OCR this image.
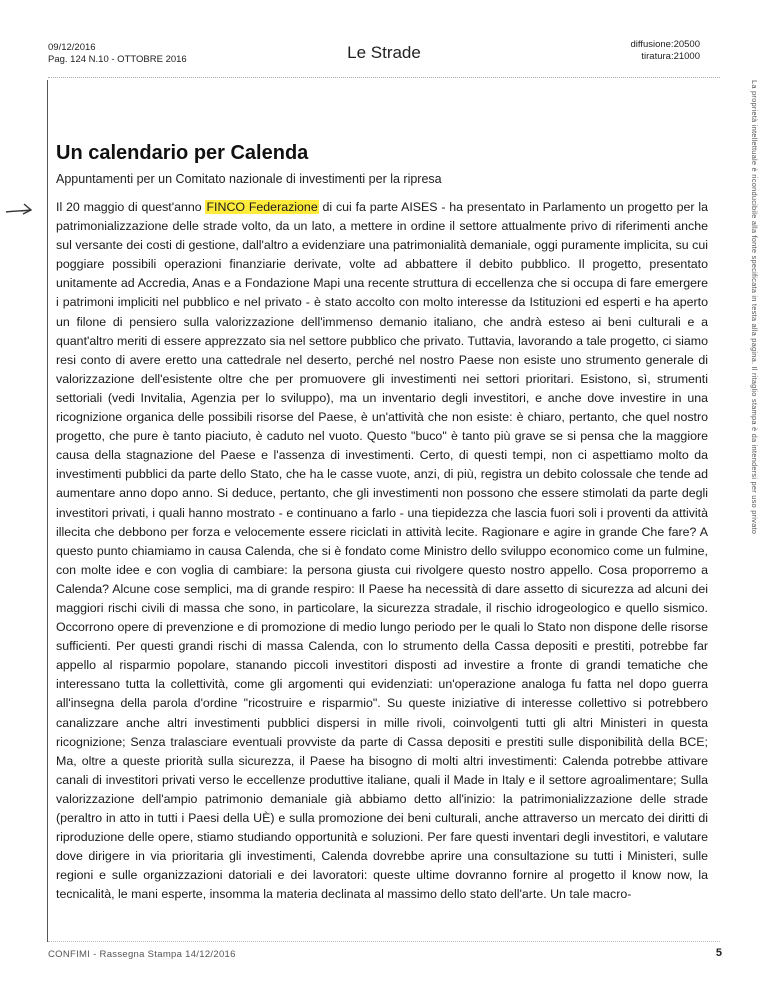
09/12/2016
Pag. 124 N.10 - OTTOBRE 2016	Le Strade	diffusione:20500
tiratura:21000
La proprietà intellettuale è riconducibile alla fonte specificata in testa alla pagina. Il ritaglio stampa è da intendersi per uso privato
Un calendario per Calenda
Appuntamenti per un Comitato nazionale di investimenti per la ripresa
Il 20 maggio di quest'anno FINCO Federazione di cui fa parte AISES - ha presentato in Parlamento un progetto per la patrimonializzazione delle strade volto, da un lato, a mettere in ordine il settore attualmente privo di riferimenti anche sul versante dei costi di gestione, dall'altro a evidenziare una patrimonialità demaniale, oggi puramente implicita, su cui poggiare possibili operazioni finanziarie derivate, volte ad abbattere il debito pubblico. Il progetto, presentato unitamente ad Accredia, Anas e a Fondazione Mapi una recente struttura di eccellenza che si occupa di fare emergere i patrimoni impliciti nel pubblico e nel privato - è stato accolto con molto interesse da Istituzioni ed esperti e ha aperto un filone di pensiero sulla valorizzazione dell'immenso demanio italiano, che andrà esteso ai beni culturali e a quant'altro meriti di essere apprezzato sia nel settore pubblico che privato. Tuttavia, lavorando a tale progetto, ci siamo resi conto di avere eretto una cattedrale nel deserto, perché nel nostro Paese non esiste uno strumento generale di valorizzazione dell'esistente oltre che per promuovere gli investimenti nei settori prioritari. Esistono, sì, strumenti settoriali (vedi Invitalia, Agenzia per lo sviluppo), ma un inventario degli investitori, e anche dove investire in una ricognizione organica delle possibili risorse del Paese, è un'attività che non esiste: è chiaro, pertanto, che quel nostro progetto, che pure è tanto piaciuto, è caduto nel vuoto. Questo "buco" è tanto più grave se si pensa che la maggiore causa della stagnazione del Paese e l'assenza di investimenti. Certo, di questi tempi, non ci aspettiamo molto da investimenti pubblici da parte dello Stato, che ha le casse vuote, anzi, di più, registra un debito colossale che tende ad aumentare anno dopo anno. Si deduce, pertanto, che gli investimenti non possono che essere stimolati da parte degli investitori privati, i quali hanno mostrato - e continuano a farlo - una tiepidezza che lascia fuori soli i proventi da attività illecita che debbono per forza e velocemente essere riciclati in attività lecite. Ragionare e agire in grande Che fare? A questo punto chiamiamo in causa Calenda, che si è fondato come Ministro dello sviluppo economico come un fulmine, con molte idee e con voglia di cambiare: la persona giusta cui rivolgere questo nostro appello. Cosa proporremo a Calenda? Alcune cose semplici, ma di grande respiro: Il Paese ha necessità di dare assetto di sicurezza ad alcuni dei maggiori rischi civili di massa che sono, in particolare, la sicurezza stradale, il rischio idrogeologico e quello sismico. Occorrono opere di prevenzione e di promozione di medio lungo periodo per le quali lo Stato non dispone delle risorse sufficienti. Per questi grandi rischi di massa Calenda, con lo strumento della Cassa depositi e prestiti, potrebbe far appello al risparmio popolare, stanando piccoli investitori disposti ad investire a fronte di grandi tematiche che interessano tutta la collettività, come gli argomenti qui evidenziati: un'operazione analoga fu fatta nel dopo guerra all'insegna della parola d'ordine "ricostruire e risparmio". Su queste iniziative di interesse collettivo si potrebbero canalizzare anche altri investimenti pubblici dispersi in mille rivoli, coinvolgenti tutti gli altri Ministeri in questa ricognizione; Senza tralasciare eventuali provviste da parte di Cassa depositi e prestiti sulle disponibilità della BCE; Ma, oltre a queste priorità sulla sicurezza, il Paese ha bisogno di molti altri investimenti: Calenda potrebbe attivare canali di investitori privati verso le eccellenze produttive italiane, quali il Made in Italy e il settore agroalimentare; Sulla valorizzazione dell'ampio patrimonio demaniale già abbiamo detto all'inizio: la patrimonializzazione delle strade (peraltro in atto in tutti i Paesi della UÈ) e sulla promozione dei beni culturali, anche attraverso un mercato dei diritti di riproduzione delle opere, stiamo studiando opportunità e soluzioni. Per fare questi inventari degli investitori, e valutare dove dirigere in via prioritaria gli investimenti, Calenda dovrebbe aprire una consultazione su tutti i Ministeri, sulle regioni e sulle organizzazioni datoriali e dei lavoratori: queste ultime dovranno fornire al progetto il know now, la tecnicalità, le mani esperte, insomma la materia declinata al massimo dello stato dell'arte. Un tale macro-
CONFIMI - Rassegna Stampa 14/12/2016	5
